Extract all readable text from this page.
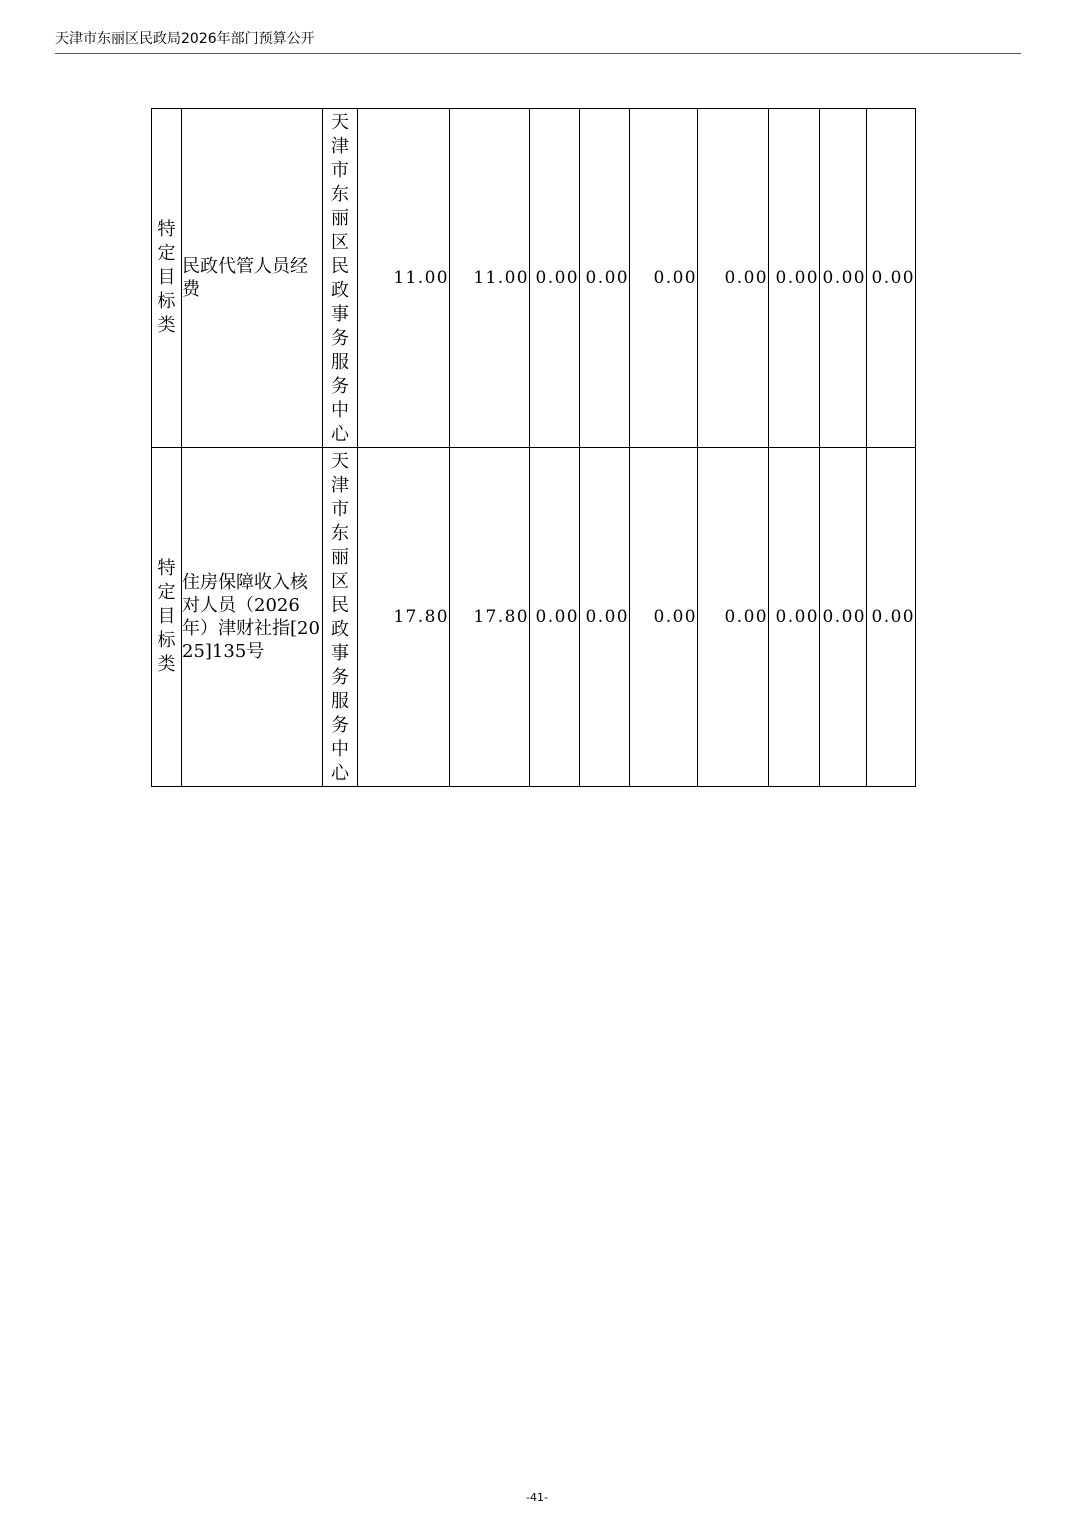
天津市东丽区民政局2026年部门预算公开
特定目标类	民政代管人员经费	天津市东丽区民政事务服务中心	11.00	11.00	0.00	0.00	0.00	0.00	0.00	0.00	0.00
特定目标类	住房保障收入核对人员（2026年）津财社指[2025]135号	天津市东丽区民政事务服务中心	17.80	17.80	0.00	0.00	0.00	0.00	0.00	0.00	0.00
-41-
